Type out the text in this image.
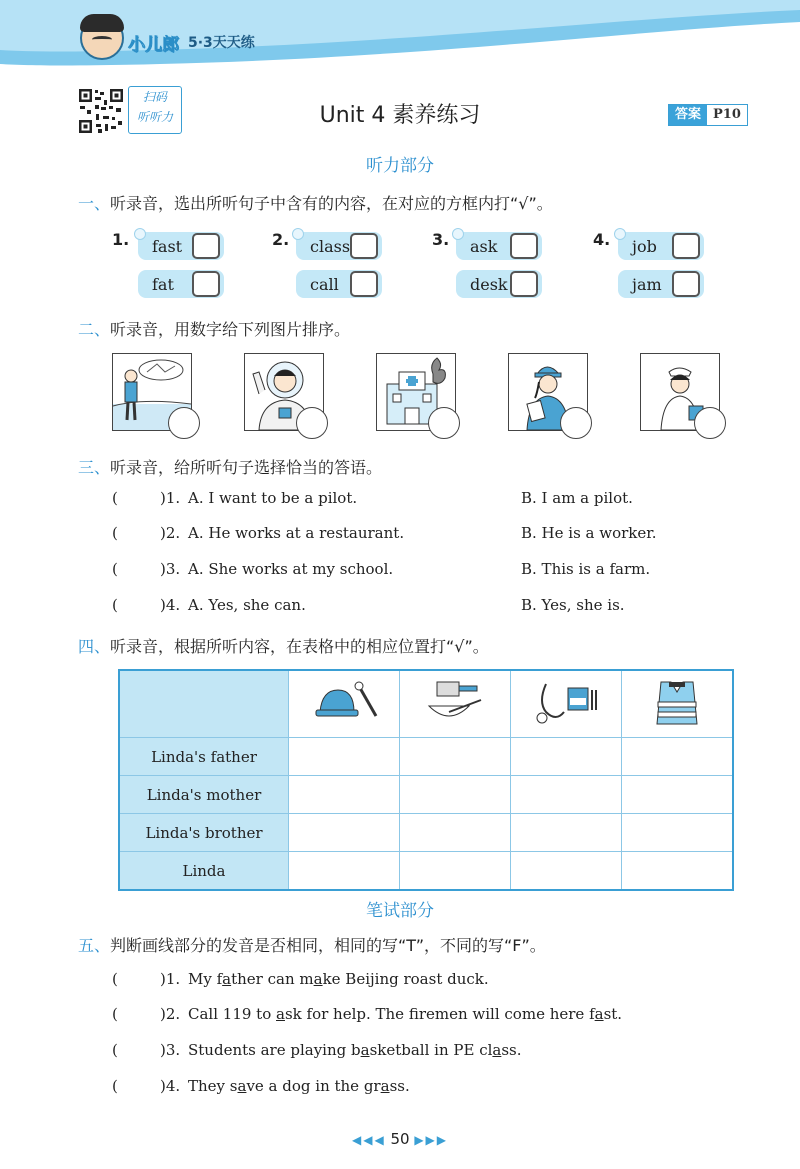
小儿郎 5·3天天练
扫码
听听力	Unit 4 素养练习	答案 P10
听力部分
一、听录音，选出所听句子中含有的内容，在对应的方框内打“√”。
1. fast
fat
2. class
call
3. ask
desk
4. job
jam
二、听录音，用数字给下列图片排序。
三、听录音，给所听句子选择恰当的答语。
(	)1. A. I want to be a pilot.	B. I am a pilot.
(	)2. A. He works at a restaurant.	B. He is a worker.
(	)3. A. She works at my school.	B. This is a farm.
(	)4. A. Yes, she can.	B. Yes, she is.
四、听录音，根据所听内容，在表格中的相应位置打“√”。

Linda's father				
Linda's mother				
Linda's brother				
Linda				
笔试部分
五、判断画线部分的发音是否相同，相同的写“T”，不同的写“F”。
(	)1. My father can make Beijing roast duck.
(	)2. Call 119 to ask for help. The firemen will come here fast.
(	)3. Students are playing basketball in PE class.
(	)4. They save a dog in the grass.
◀◀◀ 50 ▶▶▶
